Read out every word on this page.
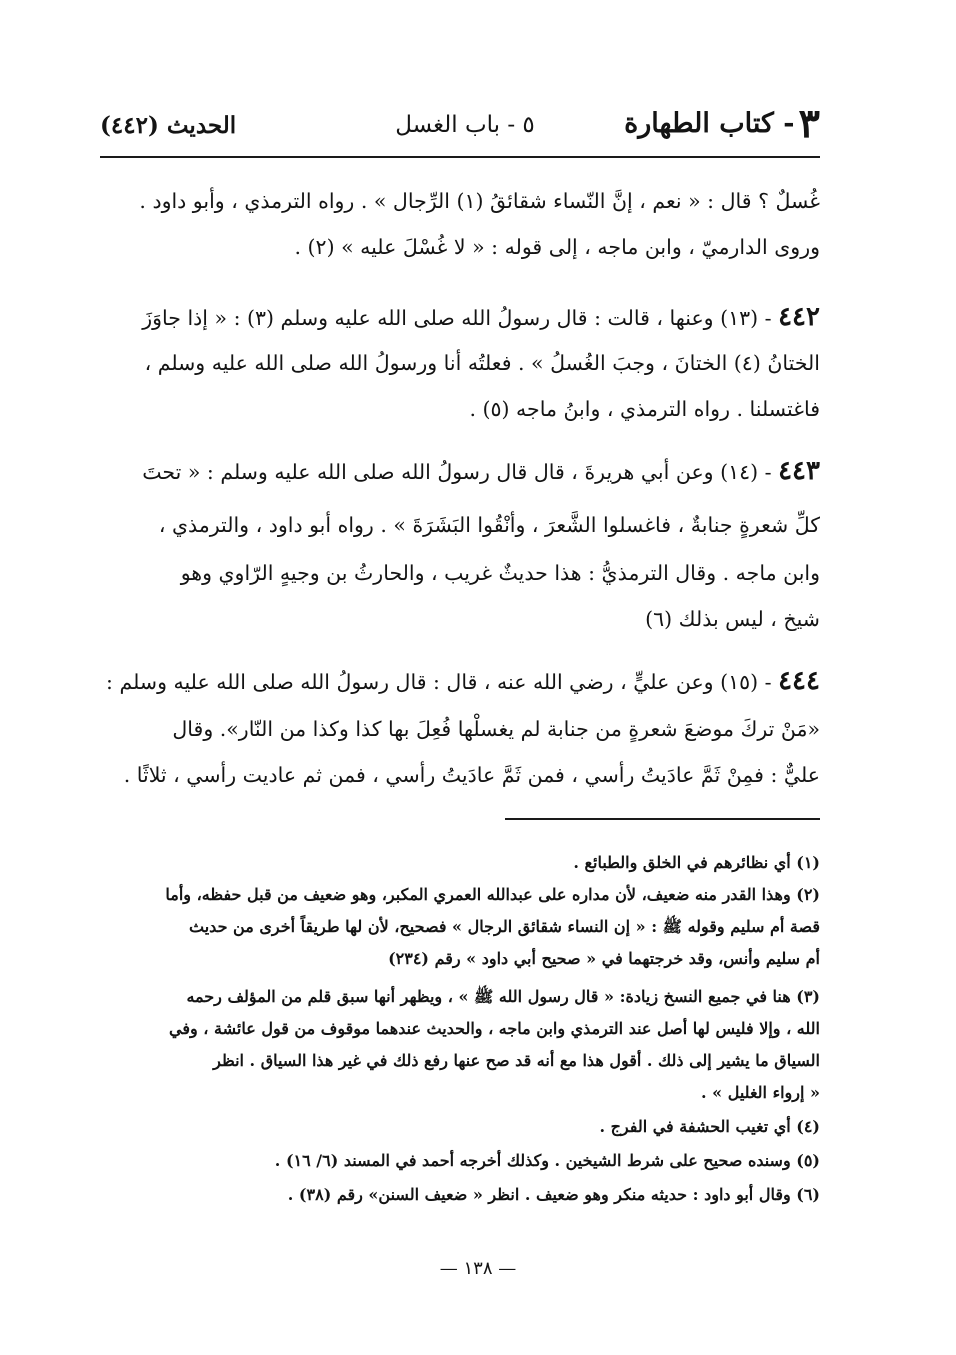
٣- كتاب الطهارة
٥ - باب الغسل
الحديث (٤٤٢)
غُسلٌ ؟ قال : « نعم ، إنَّ النّساء شقائقُ (١) الرِّجال » . رواه الترمذي ، وأبو داود .
وروى الدارميّ ، وابن ماجه ، إلى قوله : « لا غُسْلَ عليه » (٢) .
٤٤٢ - (١٣) وعنها ، قالت : قال رسولُ الله صلى الله عليه وسلم (٣) : « إذا جاوَزَ
الختانُ (٤) الختانَ ، وجبَ الغُسلُ » . فعلتُه أنا ورسولُ الله صلى الله عليه وسلم ،
فاغتسلنا . رواه الترمذي ، وابنُ ماجه (٥) .
٤٤٣ - (١٤) وعن أبي هريرةَ ، قال قال رسولُ الله صلى الله عليه وسلم : « تحتَ
كلِّ شعرةٍ جنابةٌ ، فاغسلوا الشَّعرَ ، وأنْقُوا البَشَرَةَ » . رواه أبو داود ، والترمذي ،
وابن ماجه . وقال الترمذيُّ : هذا حديثٌ غريب ، والحارثُ بن وجيهٍ الرّاوي وهو
شيخ ، ليس بذلك (٦)
٤٤٤ - (١٥) وعن عليٍّ ، رضي الله عنه ، قال : قال رسولُ الله صلى الله عليه وسلم :
«مَنْ تركَ موضعَ شعرةٍ من جنابة لم يغسلْها فُعِلَ بها كذا وكذا من النّار». وقال
عليٌّ : فمِنْ ثَمَّ عادَيتُ رأسي ، فمن ثَمَّ عادَيتُ رأسي ، فمن ثم عاديت رأسي ، ثلاثًا .
(١) أي نظائرهم في الخلق والطبائع .
(٢) وهذا القدر منه ضعيف، لأن مداره على عبدالله العمري المكبر، وهو ضعيف من قبل حفظه، وأما
قصة أم سليم وقوله ﷺ : « إن النساء شقائق الرجال » فصحيح، لأن لها طريقاً أخرى من حديث
أم سليم وأنس، وقد خرجتهما في « صحيح أبي داود » رقم (٢٣٤)
(٣) هنا في جميع النسخ زيادة: « قال رسول الله ﷺ » ، ويظهر أنها سبق قلم من المؤلف رحمه
الله ، وإلا فليس لها أصل عند الترمذي وابن ماجه ، والحديث عندهما موقوف من قول عائشة ، وفي
السياق ما يشير إلى ذلك . أقول هذا مع أنه قد صح عنها رفع ذلك في غير هذا السياق . انظر
« إرواء الغليل » .
(٤) أي تغيب الحشفة في الفرج .
(٥) وسنده صحيح على شرط الشيخين . وكذلك أخرجه أحمد في المسند (٦/ ١٦) .
(٦) وقال أبو داود : حديثه منكر وهو ضعيف . انظر « ضعيف السنن» رقم (٣٨) .
— ١٣٨ —
